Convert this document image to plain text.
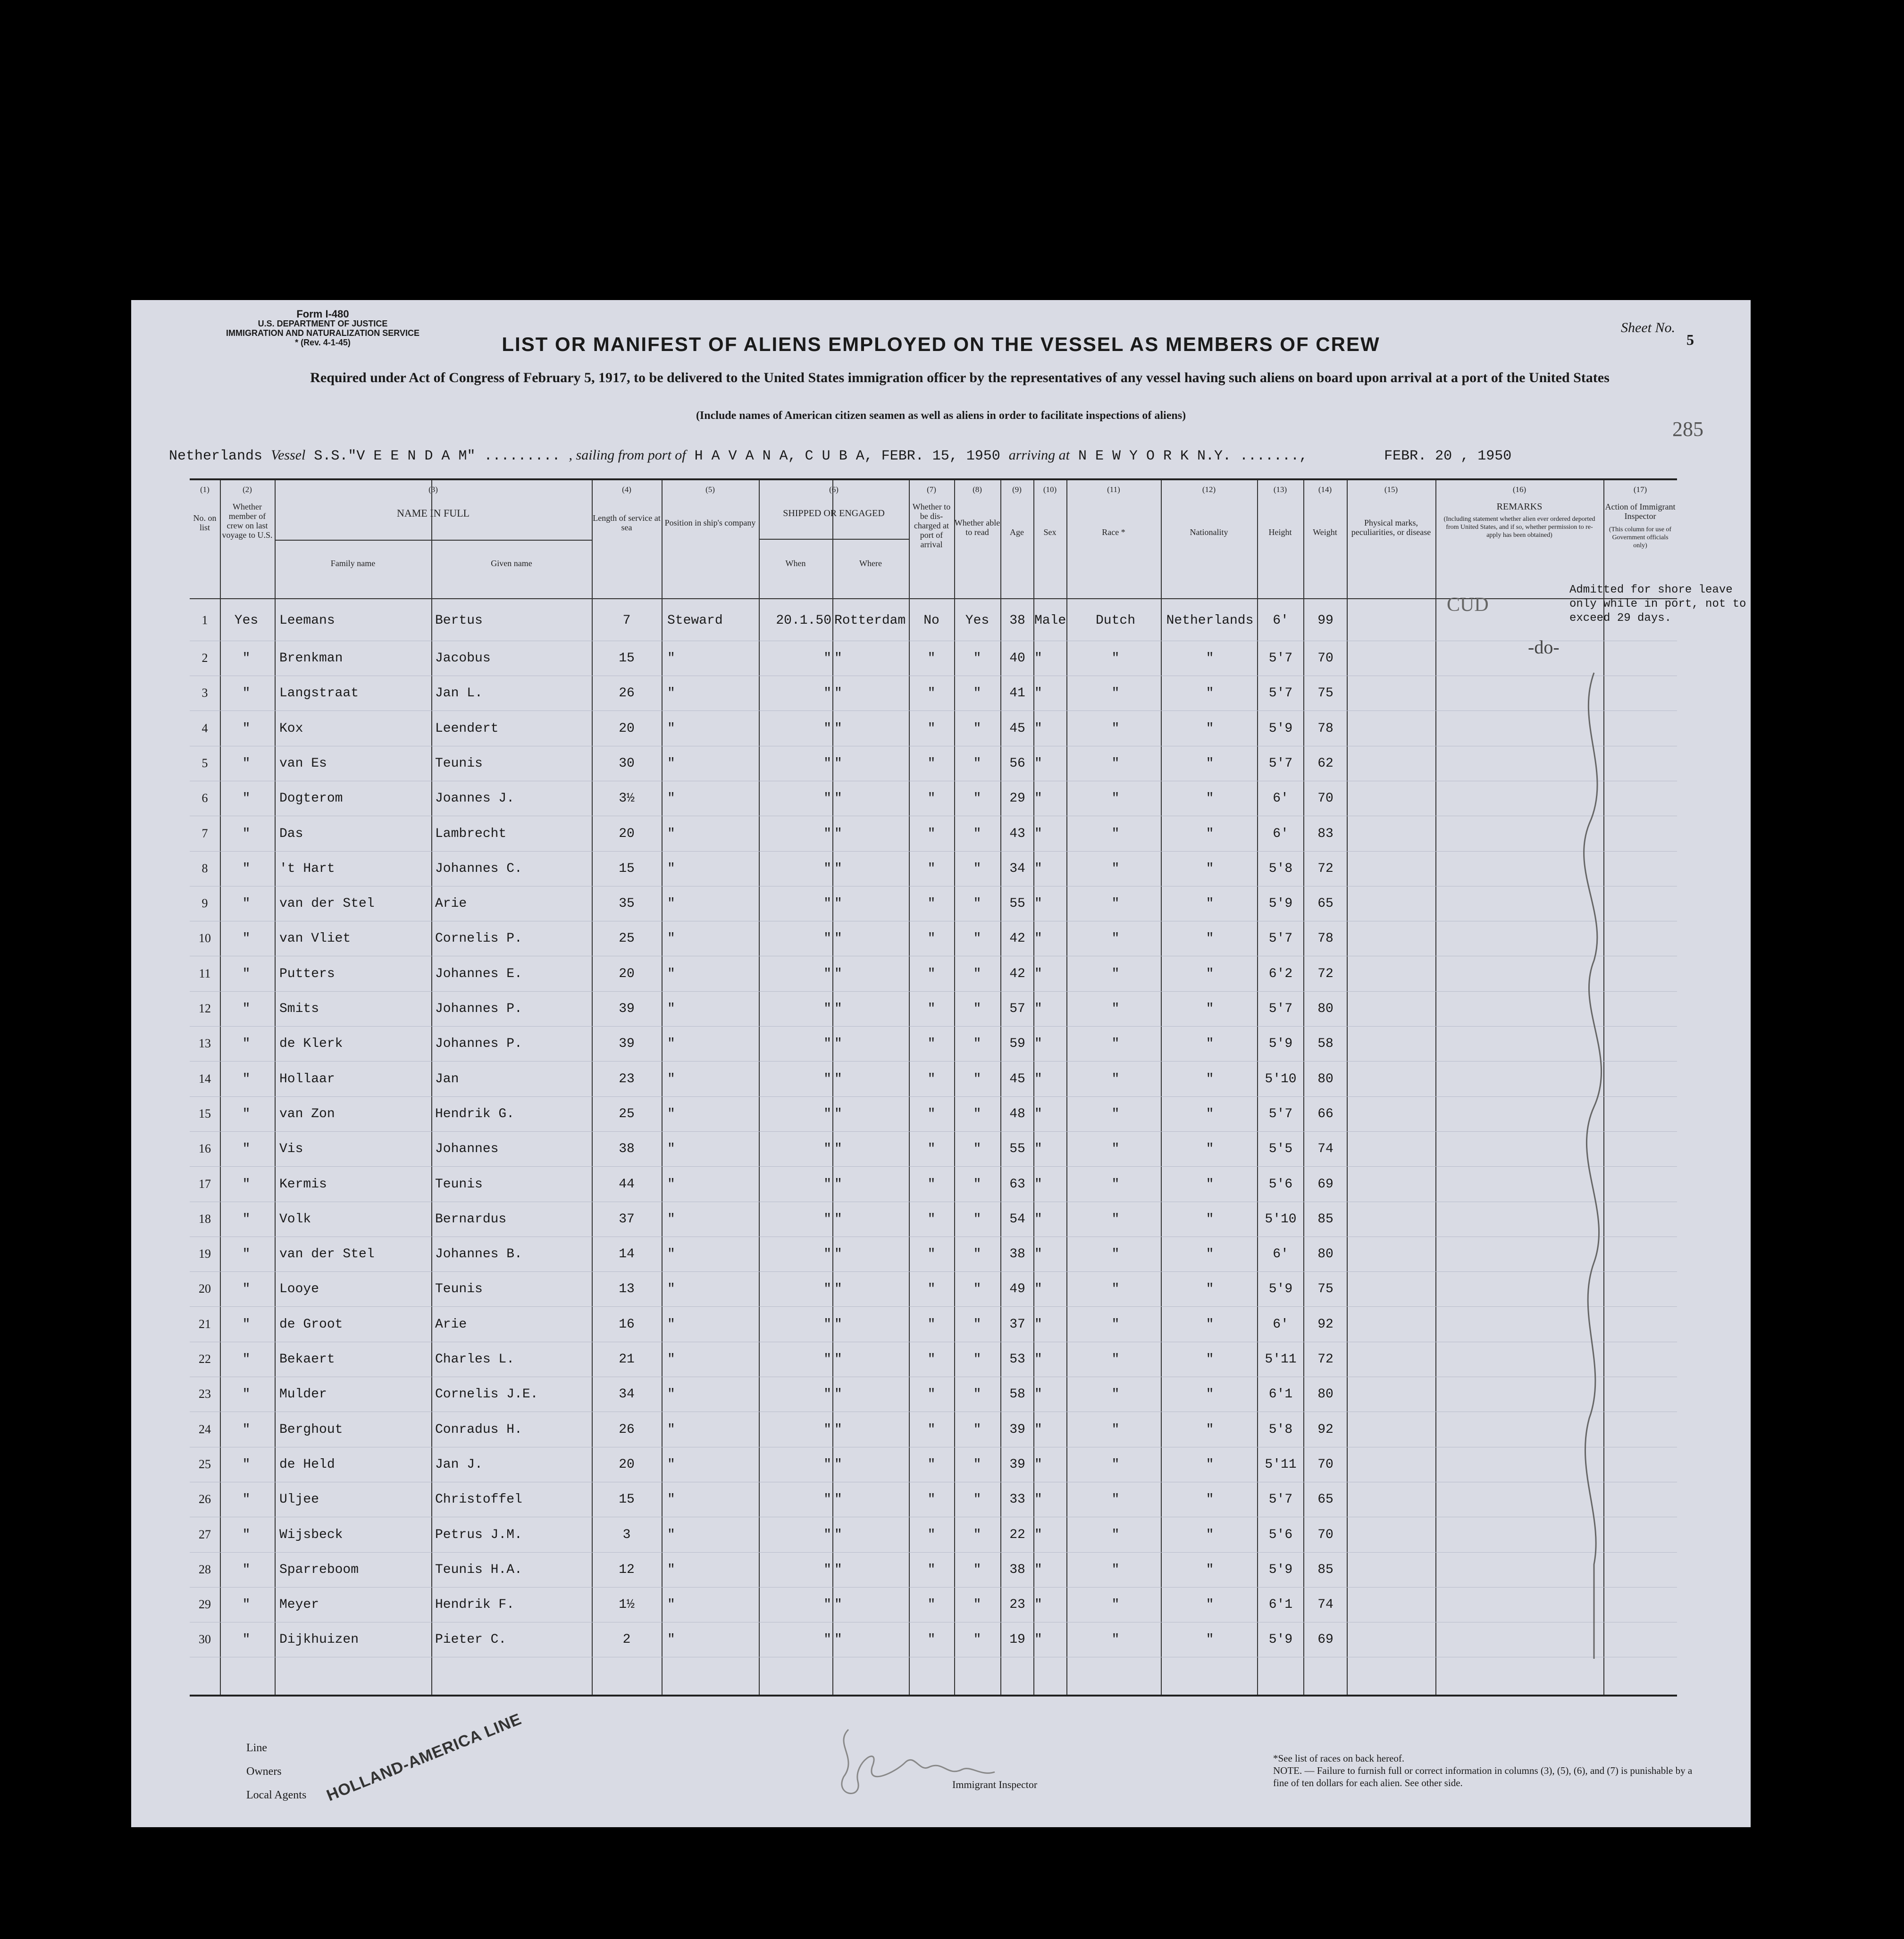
Form I-480
U.S. DEPARTMENT OF JUSTICE
IMMIGRATION AND NATURALIZATION SERVICE
* (Rev. 4-1-45)
Sheet No.
5
285
LIST OR MANIFEST OF ALIENS EMPLOYED ON THE VESSEL AS MEMBERS OF CREW
Required under Act of Congress of February 5, 1917, to be delivered to the United States immigration officer by the representatives of any vessel having such aliens on board upon arrival at a port of the United States
(Include names of American citizen seamen as well as aliens in order to facilitate inspections of aliens)
Netherlands Vessel S.S."V E E N D A M" ......... , sailing from port of H A V A N A, C U B A, FEBR. 15, 1950 arriving at N E W Y O R K N.Y. .......,         FEBR. 20 , 1950
(1)	(2)	(3)	(4)	(5)	(6)	(7)	(8)	(9)	(10)	(11)	(12)	(13)	(14)	(15)	(16)	(17)
No. on list
Whether member of crew on last voyage to U.S.
NAME IN FULL
Family name	Given name
Length of service at sea	Position in ship's company
SHIPPED OR ENGAGED
When	Where
Whether to be dis-charged at port of arrival
Whether able to read	Age	Sex	Race *	Nationality	Height	Weight
Physical marks, peculiarities, or disease
REMARKS
(Including statement whether alien ever ordered deported from United States, and if so, whether permission to re-apply has been obtained)
Action of Immigrant Inspector
(This column for use of Government officials only)
1	Yes	Leemans	Bertus	7	Steward	20.1.50 Rotterdam	No	Yes	38 Male	Dutch	Netherlands	6'	99
2	"	Brenkman	Jacobus	15	"	" "	"	"	40 "	"	"	5'7	70
3	"	Langstraat	Jan L.	26	"	" "	"	"	41 "	"	"	5'7	75
4	"	Kox	Leendert	20	"	" "	"	"	45 "	"	"	5'9	78
5	"	van Es	Teunis	30	"	" "	"	"	56 "	"	"	5'7	62
6	"	Dogterom	Joannes J.	3½	"	" "	"	"	29 "	"	"	6'	70
7	"	Das	Lambrecht	20	"	" "	"	"	43 "	"	"	6'	83
8	"	't Hart	Johannes C.	15	"	" "	"	"	34 "	"	"	5'8	72
9	"	van der Stel	Arie	35	"	" "	"	"	55 "	"	"	5'9	65
10	"	van Vliet	Cornelis P.	25	"	" "	"	"	42 "	"	"	5'7	78
11	"	Putters	Johannes E.	20	"	" "	"	"	42 "	"	"	6'2	72
12	"	Smits	Johannes P.	39	"	" "	"	"	57 "	"	"	5'7	80
13	"	de Klerk	Johannes P.	39	"	" "	"	"	59 "	"	"	5'9	58
14	"	Hollaar	Jan	23	"	" "	"	"	45 "	"	"	5'10	80
15	"	van Zon	Hendrik G.	25	"	" "	"	"	48 "	"	"	5'7	66
16	"	Vis	Johannes	38	"	" "	"	"	55 "	"	"	5'5	74
17	"	Kermis	Teunis	44	"	" "	"	"	63 "	"	"	5'6	69
18	"	Volk	Bernardus	37	"	" "	"	"	54 "	"	"	5'10	85
19	"	van der Stel	Johannes B.	14	"	" "	"	"	38 "	"	"	6'	80
20	"	Looye	Teunis	13	"	" "	"	"	49 "	"	"	5'9	75
21	"	de Groot	Arie	16	"	" "	"	"	37 "	"	"	6'	92
22	"	Bekaert	Charles L.	21	"	" "	"	"	53 "	"	"	5'11	72
23	"	Mulder	Cornelis J.E.	34	"	" "	"	"	58 "	"	"	6'1	80
24	"	Berghout	Conradus H.	26	"	" "	"	"	39 "	"	"	5'8	92
25	"	de Held	Jan J.	20	"	" "	"	"	39 "	"	"	5'11	70
26	"	Uljee	Christoffel	15	"	" "	"	"	33 "	"	"	5'7	65
27	"	Wijsbeck	Petrus J.M.	3	"	" "	"	"	22 "	"	"	5'6	70
28	"	Sparreboom	Teunis H.A.	12	"	" "	"	"	38 "	"	"	5'9	85
29	"	Meyer	Hendrik F.	1½	"	" "	"	"	23 "	"	"	6'1	74
30	"	Dijkhuizen	Pieter C.	2	"	" "	"	"	19 "	"	"	5'9	69
CUD
Admitted for shore leave only while in port, not to exceed 29 days.
-do-
Line
Owners
Local Agents HOLLAND-AMERICA LINE	Immigrant Inspector
*See list of races on back hereof.
NOTE. — Failure to furnish full or correct information in columns (3), (5), (6), and (7) is punishable by a fine of ten dollars for each alien. See other side.
